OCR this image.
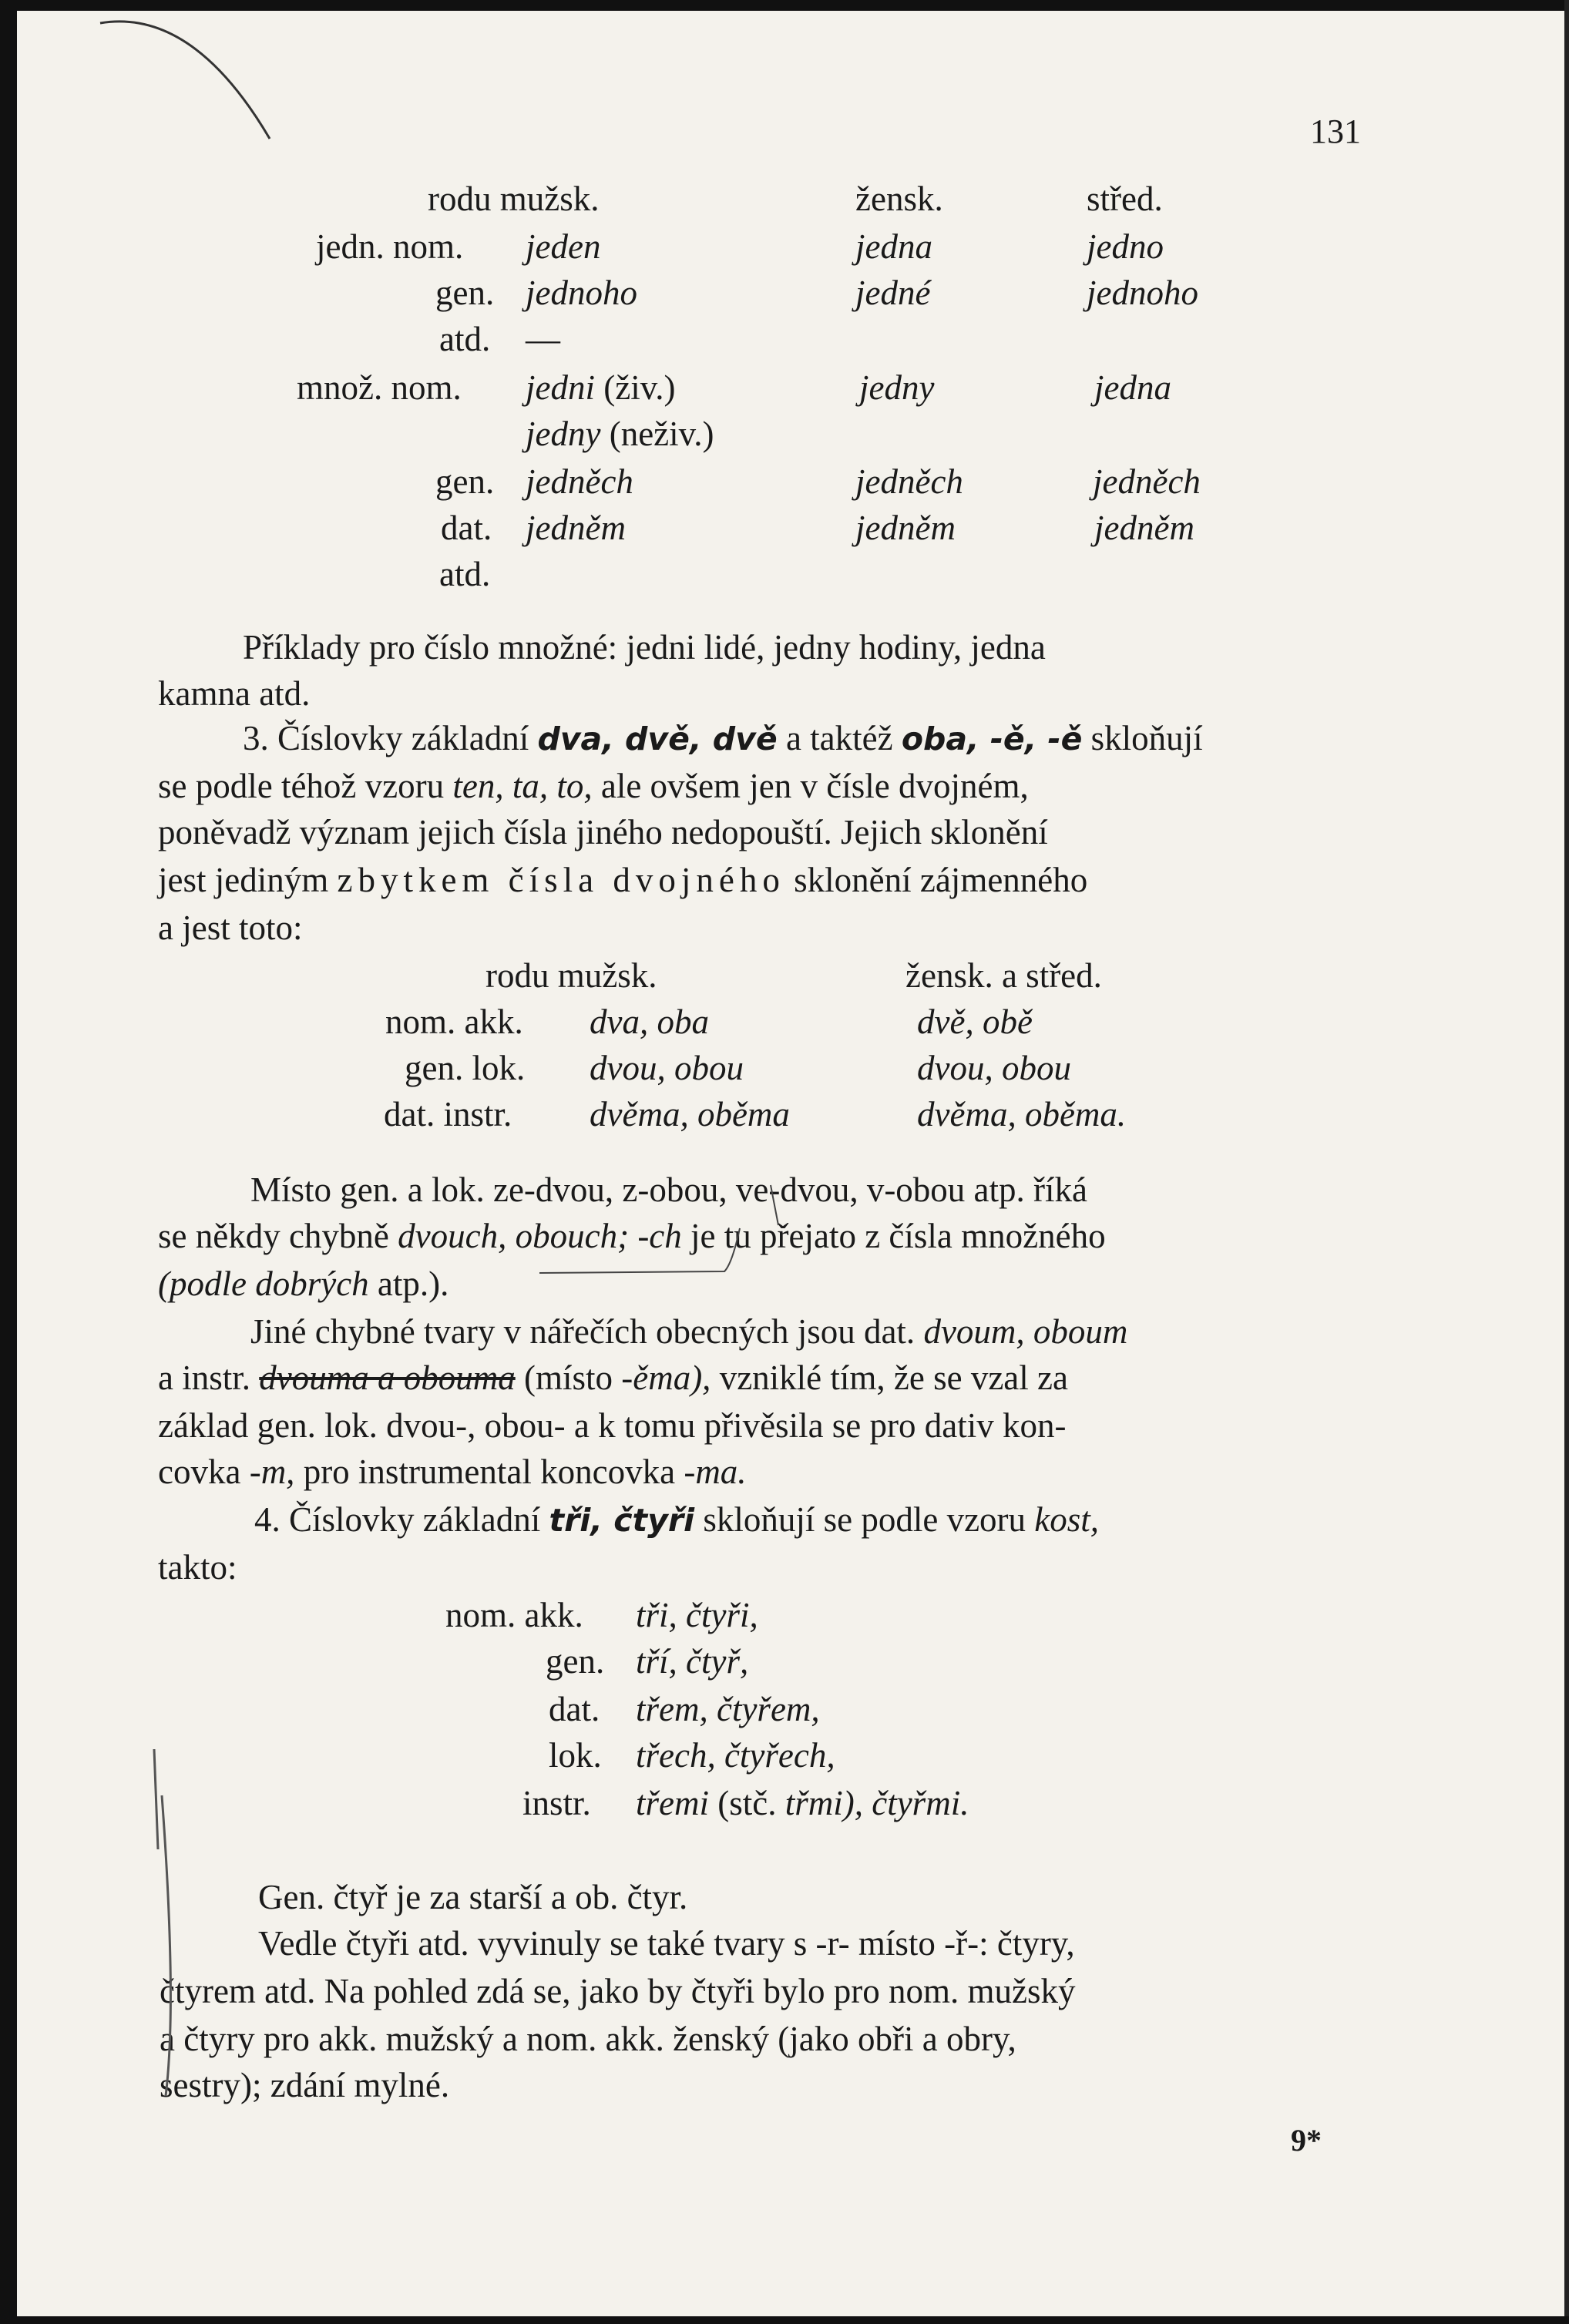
131
rodu mužsk.	žensk.	střed.
jedn. nom. jeden	jedna	jedno
gen. jednoho	jedné	jednoho
atd. —
množ. nom. jedni (živ.)	jedny	jedna
jedny (neživ.)
gen. jedněch	jedněch	jedněch
dat. jedněm	jedněm	jedněm
atd.
Příklady pro číslo množné: jedni lidé, jedny hodiny, jedna
kamna atd.
3. Číslovky základní dva, dvě, dvě a taktéž oba, -ě, -ě skloňují
se podle téhož vzoru ten, ta, to, ale ovšem jen v čísle dvojném,
poněvadž význam jejich čísla jiného nedopouští. Jejich sklonění
jest jediným zbytkem čísla dvojného sklonění zájmenného
a jest toto:
rodu mužsk.	žensk. a střed.
nom. akk. dva, oba	dvě, obě
gen. lok. dvou, obou	dvou, obou
dat. instr. dvěma, oběma	dvěma, oběma.
Místo gen. a lok. ze-dvou, z-obou, ve-dvou, v-obou atp. říká
se někdy chybně dvouch, obouch; -ch je tu přejato z čísla množného
(podle dobrých atp.).
Jiné chybné tvary v nářečích obecných jsou dat. dvoum, oboum
a instr. dvouma a obouma (místo -ěma), vzniklé tím, že se vzal za
základ gen. lok. dvou-, obou- a k tomu přivěsila se pro dativ kon-
covka -m, pro instrumental koncovka -ma.
4. Číslovky základní tři, čtyři skloňují se podle vzoru kost,
takto:
nom. akk. tři, čtyři,
gen. tří, čtyř,
dat. třem, čtyřem,
lok. třech, čtyřech,
instr. třemi (stč. třmi), čtyřmi.
Gen. čtyř je za starší a ob. čtyr.
Vedle čtyři atd. vyvinuly se také tvary s -r- místo -ř-: čtyry,
čtyrem atd. Na pohled zdá se, jako by čtyři bylo pro nom. mužský
a čtyry pro akk. mužský a nom. akk. ženský (jako obři a obry,
sestry); zdání mylné.
9*
